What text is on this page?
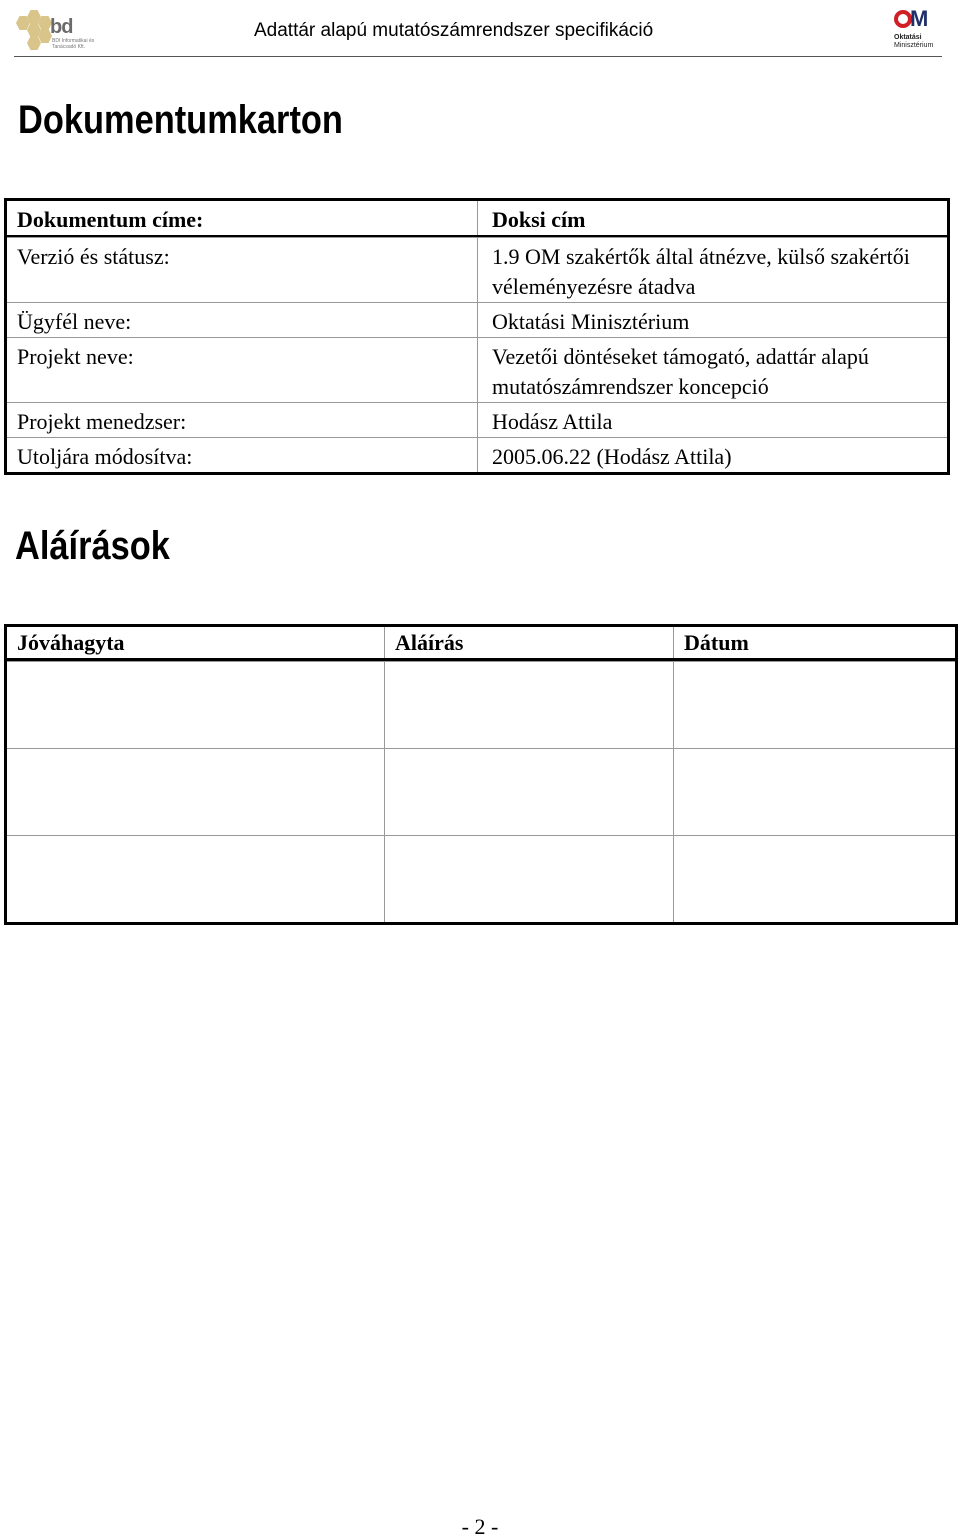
bd
BDI Informatikai és Tanácsadó Kft.
Adattár alapú mutatószámrendszer specifikáció	M
Oktatási
Minisztérium
Dokumentumkarton
Dokumentum címe:	Doksi cím
Verzió és státusz:	1.9 OM szakértők által átnézve, külső szakértői véleményezésre átadva
Ügyfél neve:	Oktatási Minisztérium
Projekt neve:	Vezetői döntéseket támogató, adattár alapú mutatószámrendszer koncepció
Projekt menedzser:	Hodász Attila
Utoljára módosítva:	2005.06.22 (Hodász Attila)
Aláírások
Jóváhagyta	Aláírás	Dátum
- 2 -
